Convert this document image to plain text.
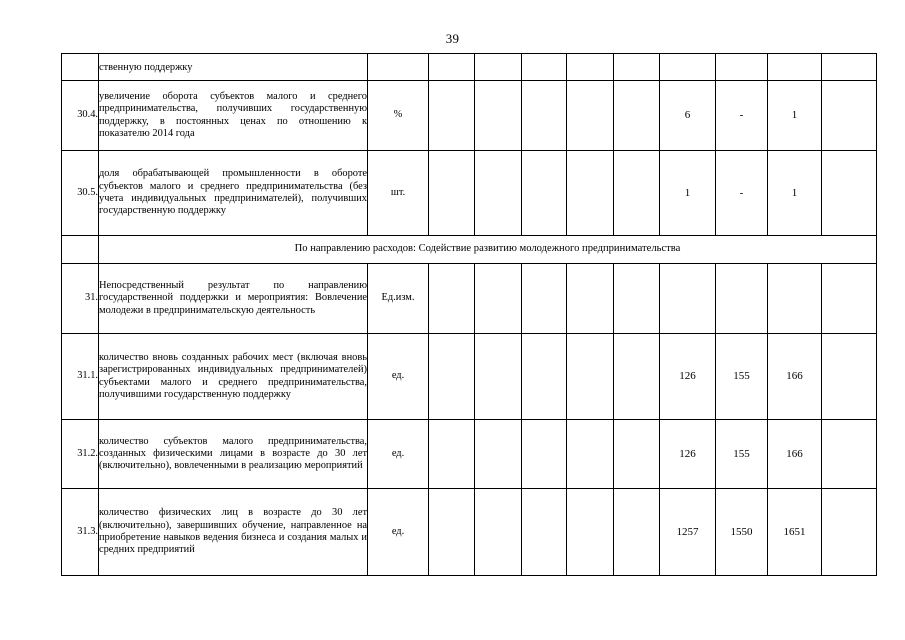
39
	ственную поддержку										
30.4.	увеличение оборота субъектов малого и среднего предпринимательства, получивших государственную поддержку, в постоянных ценах по отношению к показателю 2014 года	%						6	-	1	
30.5.	доля обрабатывающей промышленности в обороте субъектов малого и среднего предпринимательства (без учета индивидуальных предпринимателей), получивших государственную поддержку	шт.						1	-	1	
	По направлению расходов: Содействие развитию молодежного предпринимательства										
31.	Непосредственный результат по направлению государственной поддержки и мероприятия: Вовлечение молодежи в предпринимательскую деятельность	Ед.изм.									
31.1.	количество вновь созданных рабочих мест (включая вновь зарегистрированных индивидуальных предпринимателей) субъектами малого и среднего предпринимательства, получившими государственную поддержку	ед.						126	155	166	
31.2.	количество субъектов малого предпринимательства, созданных физическими лицами в возрасте до 30 лет (включительно), вовлеченными в реализацию мероприятий	ед.						126	155	166	
31.3.	количество физических лиц в возрасте до 30 лет (включительно), завершивших обучение, направленное на приобретение навыков ведения бизнеса и создания малых и средних предприятий	ед.						1257	1550	1651	
